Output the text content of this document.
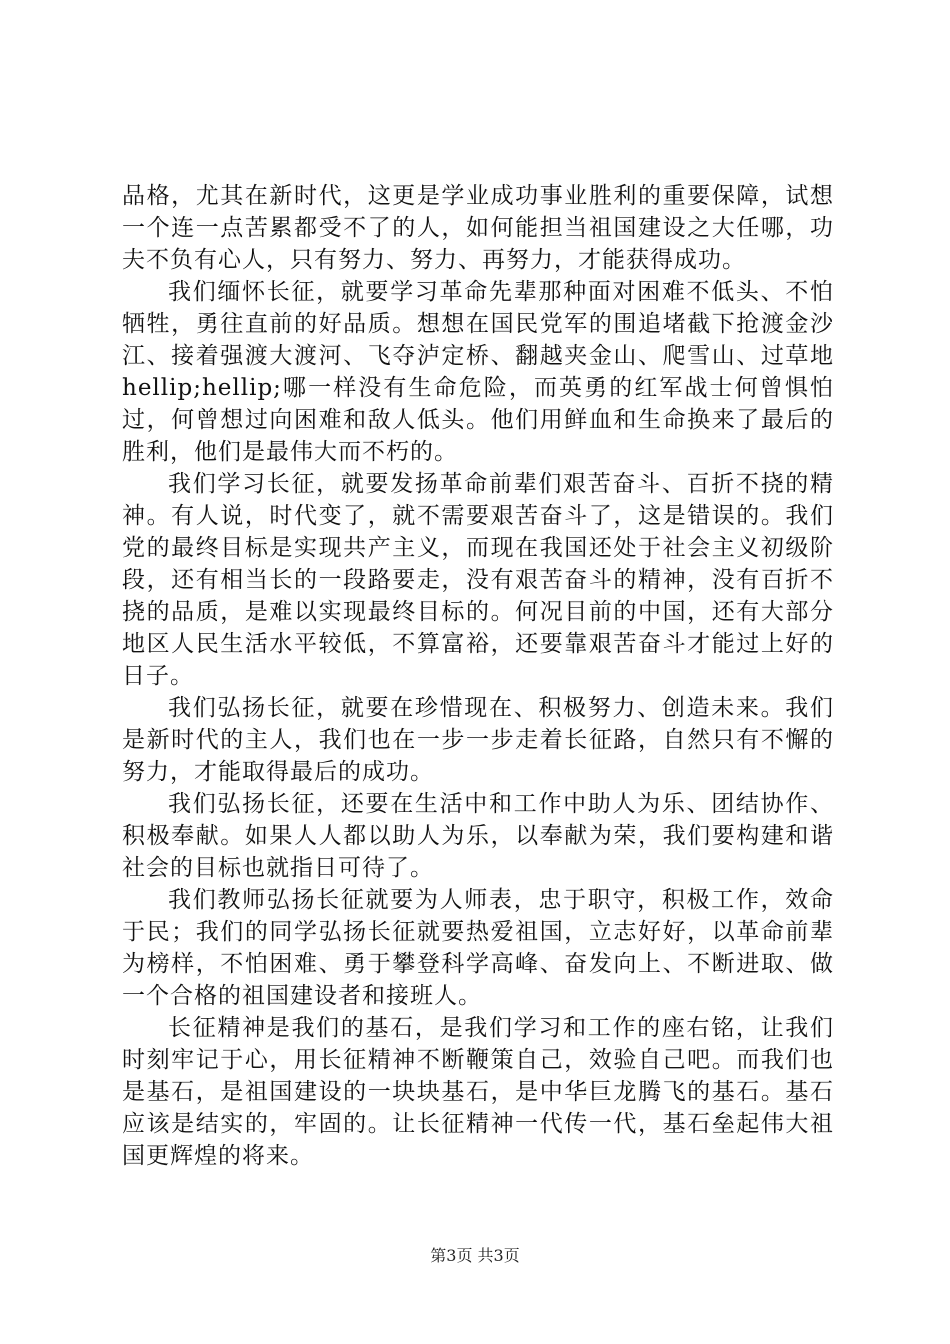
品格，尤其在新时代，这更是学业成功事业胜利的重要保障，试想一个连一点苦累都受不了的人，如何能担当祖国建设之大任哪，功夫不负有心人，只有努力、努力、再努力，才能获得成功。

我们缅怀长征，就要学习革命先辈那种面对困难不低头、不怕牺牲，勇往直前的好品质。想想在国民党军的围追堵截下抢渡金沙江、接着强渡大渡河、飞夺泸定桥、翻越夹金山、爬雪山、过草地hellip;hellip;哪一样没有生命危险，而英勇的红军战士何曾惧怕过，何曾想过向困难和敌人低头。他们用鲜血和生命换来了最后的胜利，他们是最伟大而不朽的。

我们学习长征，就要发扬革命前辈们艰苦奋斗、百折不挠的精神。有人说，时代变了，就不需要艰苦奋斗了，这是错误的。我们党的最终目标是实现共产主义，而现在我国还处于社会主义初级阶段，还有相当长的一段路要走，没有艰苦奋斗的精神，没有百折不挠的品质，是难以实现最终目标的。何况目前的中国，还有大部分地区人民生活水平较低，不算富裕，还要靠艰苦奋斗才能过上好的日子。

我们弘扬长征，就要在珍惜现在、积极努力、创造未来。我们是新时代的主人，我们也在一步一步走着长征路，自然只有不懈的努力，才能取得最后的成功。

我们弘扬长征，还要在生活中和工作中助人为乐、团结协作、积极奉献。如果人人都以助人为乐，以奉献为荣，我们要构建和谐社会的目标也就指日可待了。

我们教师弘扬长征就要为人师表，忠于职守，积极工作，效命于民；我们的同学弘扬长征就要热爱祖国，立志好好，以革命前辈为榜样，不怕困难、勇于攀登科学高峰、奋发向上、不断进取、做一个合格的祖国建设者和接班人。

长征精神是我们的基石，是我们学习和工作的座右铭，让我们时刻牢记于心，用长征精神不断鞭策自己，效验自己吧。而我们也是基石，是祖国建设的一块块基石，是中华巨龙腾飞的基石。基石应该是结实的，牢固的。让长征精神一代传一代，基石垒起伟大祖国更辉煌的将来。

第3页 共3页
